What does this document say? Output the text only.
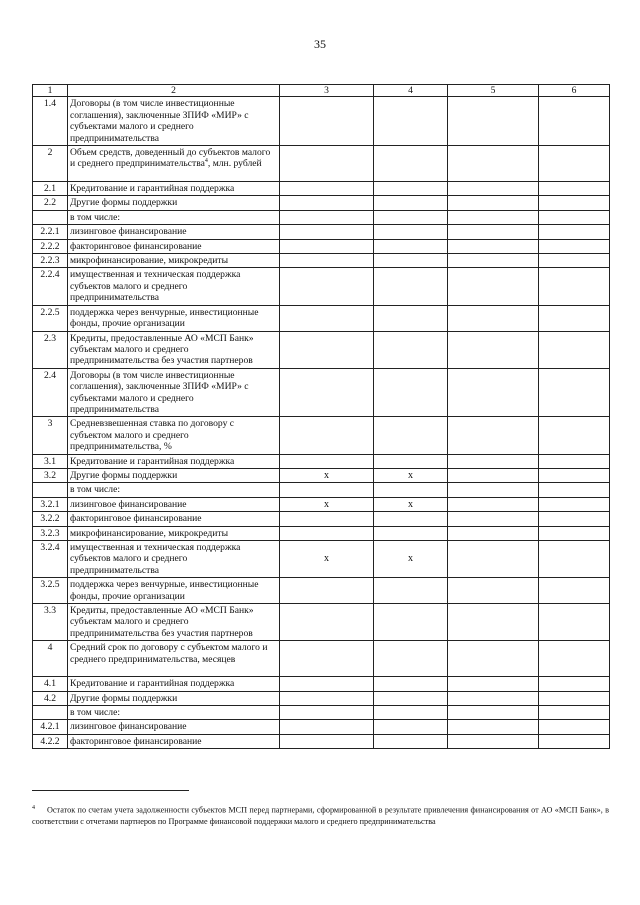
35
1	2	3	4	5	6
1.4	Договоры (в том числе инвестиционные соглашения), заключенные ЗПИФ «МИР» с субъектами малого и среднего предпринимательства				
2	Объем средств, доведенный до субъектов малого и среднего предпринимательства$^4$, млн. рублей				
2.1	Кредитование и гарантийная поддержка				
2.2	Другие формы поддержки				
	в том числе:				
2.2.1	лизинговое финансирование				
2.2.2	факторинговое финансирование				
2.2.3	микрофинансирование, микрокредиты				
2.2.4	имущественная и техническая поддержка субъектов малого и среднего предпринимательства				
2.2.5	поддержка через венчурные, инвестиционные фонды, прочие организации				
2.3	Кредиты, предоставленные АО «МСП Банк» субъектам малого и среднего предпринимательства без участия партнеров				
2.4	Договоры (в том числе инвестиционные соглашения), заключенные ЗПИФ «МИР» с субъектами малого и среднего предпринимательства				
3	Средневзвешенная ставка по договору с субъектом малого и среднего предпринимательства, %				
3.1	Кредитование и гарантийная поддержка				
3.2	Другие формы поддержки	x	x		
	в том числе:				
3.2.1	лизинговое финансирование	x	x		
3.2.2	факторинговое финансирование				
3.2.3	микрофинансирование, микрокредиты				
3.2.4	имущественная и техническая поддержка субъектов малого и среднего предпринимательства	x	x		
3.2.5	поддержка через венчурные, инвестиционные фонды, прочие организации				
3.3	Кредиты, предоставленные АО «МСП Банк» субъектам малого и среднего предпринимательства без участия партнеров				
4	Средний срок по договору с субъектом малого и среднего предпринимательства, месяцев				
4.1	Кредитование и гарантийная поддержка				
4.2	Другие формы поддержки				
	в том числе:				
4.2.1	лизинговое финансирование				
4.2.2	факторинговое финансирование				
$^4$ Остаток по счетам учета задолженности субъектов МСП перед партнерами, сформированной в результате привлечения финансирования от АО «МСП Банк», в соответствии с отчетами партнеров по Программе финансовой поддержки малого и среднего предпринимательства
